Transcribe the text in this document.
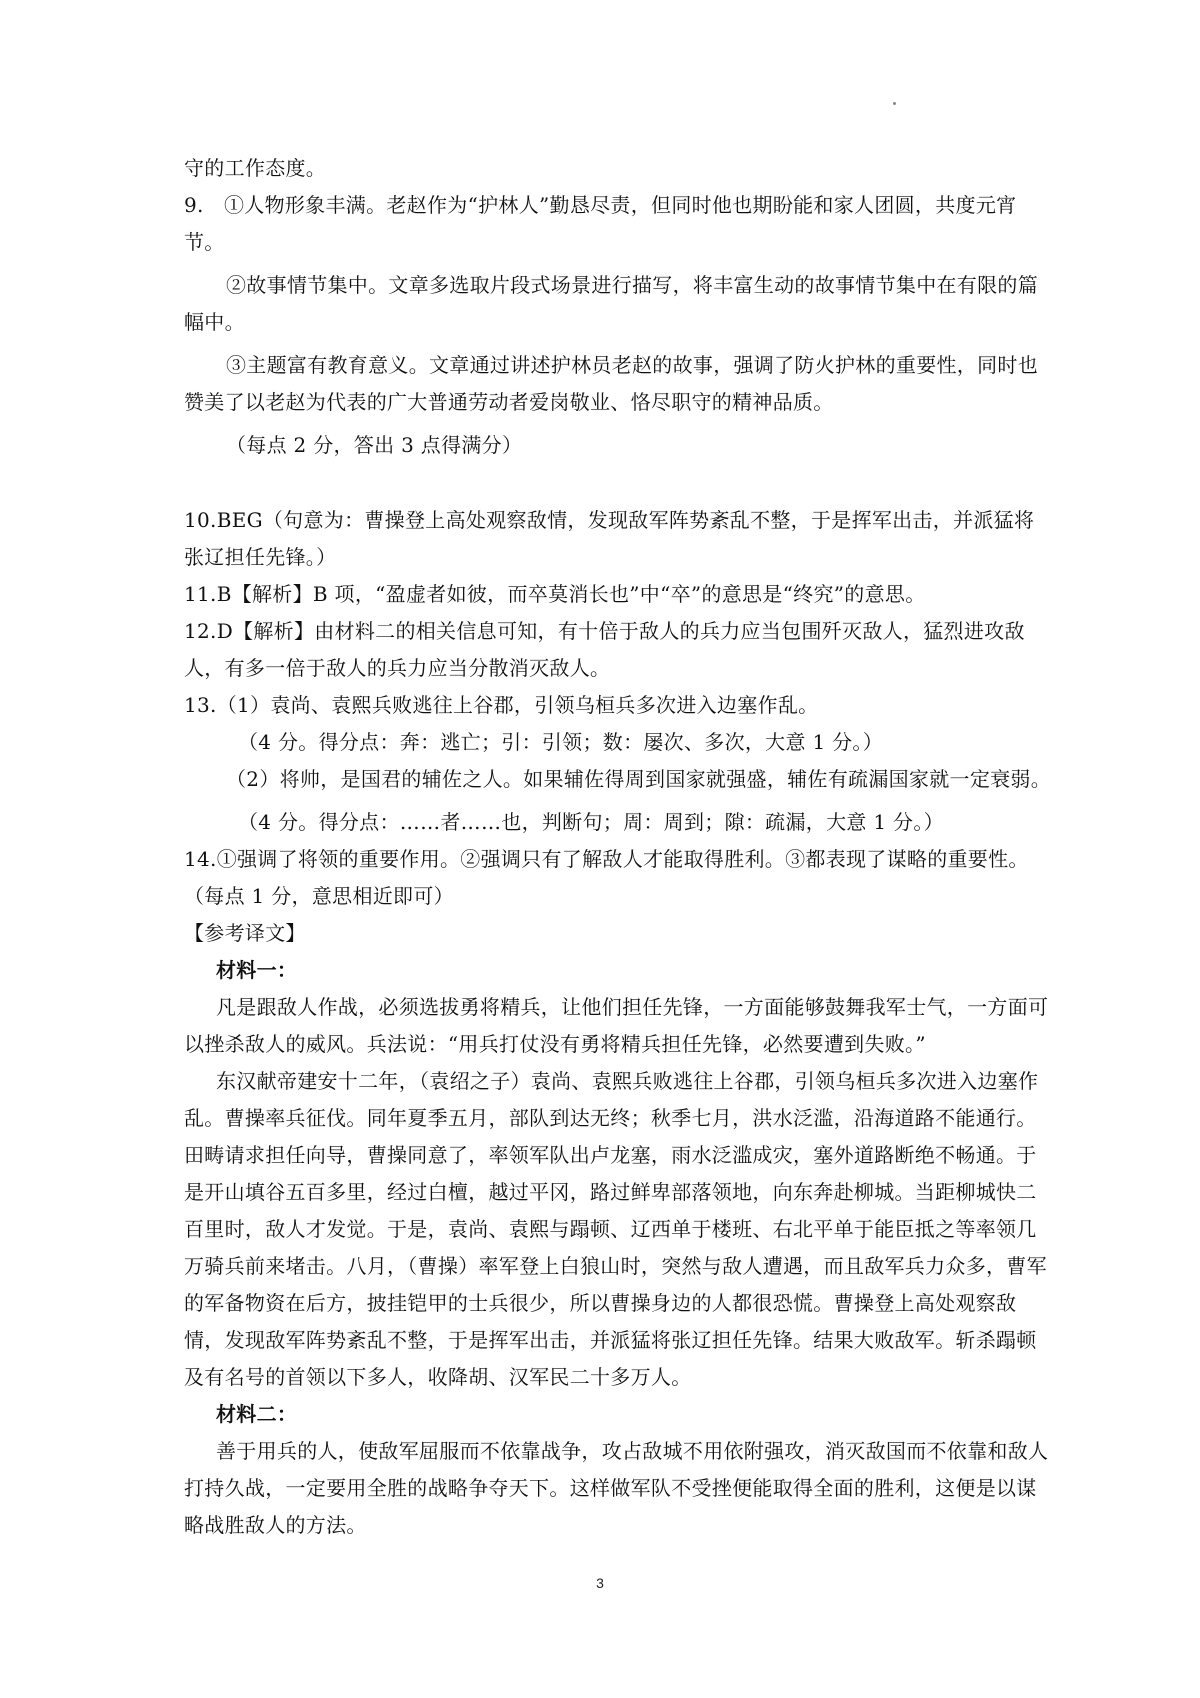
守的工作态度。

9.　①人物形象丰满。老赵作为“护林人”勤恳尽责，但同时他也期盼能和家人团圆，共度元宵节。

②故事情节集中。文章多选取片段式场景进行描写，将丰富生动的故事情节集中在有限的篇幅中。

③主题富有教育意义。文章通过讲述护林员老赵的故事，强调了防火护林的重要性，同时也赞美了以老赵为代表的广大普通劳动者爱岗敬业、恪尽职守的精神品质。

（每点 2 分，答出 3 点得满分）

10.BEG（句意为：曹操登上高处观察敌情，发现敌军阵势紊乱不整，于是挥军出击，并派猛将张辽担任先锋。）

11.B【解析】B 项，“盈虚者如彼，而卒莫消长也”中“卒”的意思是“终究”的意思。

12.D【解析】由材料二的相关信息可知，有十倍于敌人的兵力应当包围歼灭敌人，猛烈进攻敌人，有多一倍于敌人的兵力应当分散消灭敌人。

13.（1）袁尚、袁熙兵败逃往上谷郡，引领乌桓兵多次进入边塞作乱。

（4 分。得分点：奔：逃亡；引：引领；数：屡次、多次，大意 1 分。）

（2）将帅，是国君的辅佐之人。如果辅佐得周到国家就强盛，辅佐有疏漏国家就一定衰弱。

（4 分。得分点：……者……也，判断句；周：周到；隙：疏漏，大意 1 分。）

14.①强调了将领的重要作用。②强调只有了解敌人才能取得胜利。③都表现了谋略的重要性。（每点 1 分，意思相近即可）

【参考译文】

材料一：

凡是跟敌人作战，必须选拔勇将精兵，让他们担任先锋，一方面能够鼓舞我军士气，一方面可以挫杀敌人的威风。兵法说：“用兵打仗没有勇将精兵担任先锋，必然要遭到失败。”

东汉献帝建安十二年，（袁绍之子）袁尚、袁熙兵败逃往上谷郡，引领乌桓兵多次进入边塞作乱。曹操率兵征伐。同年夏季五月，部队到达无终；秋季七月，洪水泛滥，沿海道路不能通行。田畴请求担任向导，曹操同意了，率领军队出卢龙塞，雨水泛滥成灾，塞外道路断绝不畅通。于是开山填谷五百多里，经过白檀，越过平冈，路过鲜卑部落领地，向东奔赴柳城。当距柳城快二百里时，敌人才发觉。于是，袁尚、袁熙与蹋顿、辽西单于楼班、右北平单于能臣抵之等率领几万骑兵前来堵击。八月，（曹操）率军登上白狼山时，突然与敌人遭遇，而且敌军兵力众多，曹军的军备物资在后方，披挂铠甲的士兵很少，所以曹操身边的人都很恐慌。曹操登上高处观察敌情，发现敌军阵势紊乱不整，于是挥军出击，并派猛将张辽担任先锋。结果大败敌军。斩杀蹋顿及有名号的首领以下多人，收降胡、汉军民二十多万人。

材料二：

善于用兵的人，使敌军屈服而不依靠战争，攻占敌城不用依附强攻，消灭敌国而不依靠和敌人打持久战，一定要用全胜的战略争夺天下。这样做军队不受挫便能取得全面的胜利，这便是以谋略战胜敌人的方法。

3
